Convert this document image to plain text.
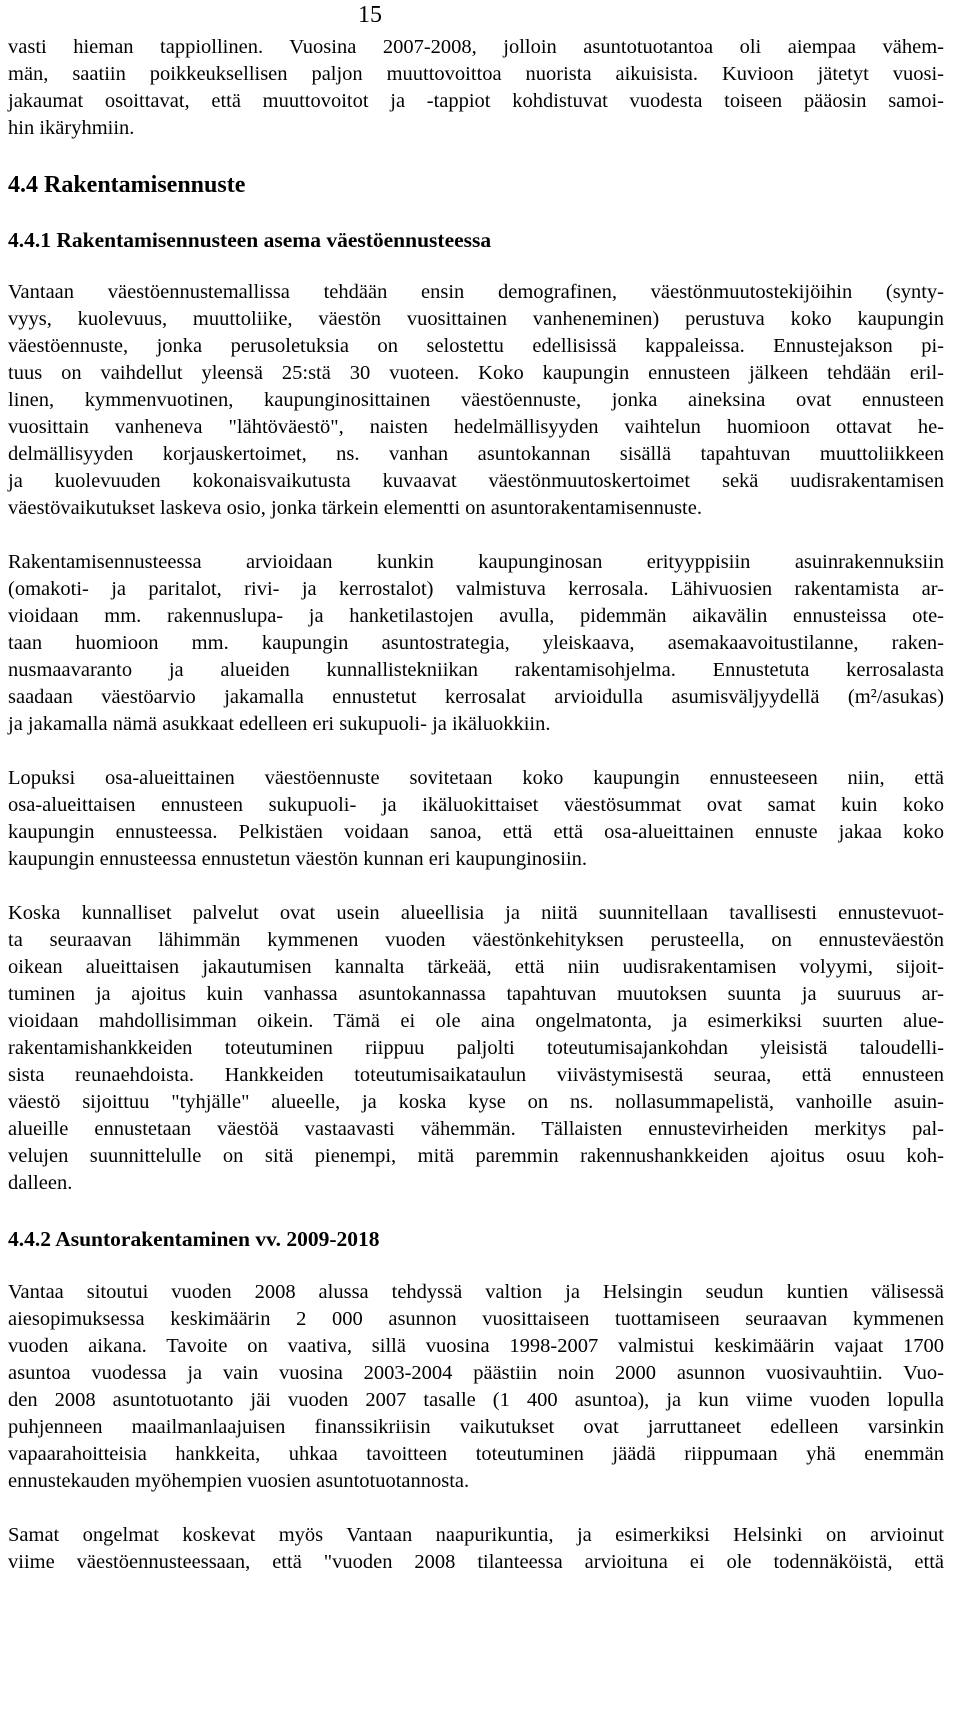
15
vasti hieman tappiollinen. Vuosina 2007-2008, jolloin asuntotuotantoa oli aiempaa vähem-
män, saatiin poikkeuksellisen paljon muuttovoittoa nuorista aikuisista. Kuvioon jätetyt vuosi-
jakaumat osoittavat, että muuttovoitot ja -tappiot kohdistuvat vuodesta toiseen pääosin samoi-
hin ikäryhmiin.
4.4 Rakentamisennuste
4.4.1 Rakentamisennusteen asema väestöennusteessa
Vantaan väestöennustemallissa tehdään ensin demografinen, väestönmuutostekijöihin (synty-
vyys, kuolevuus, muuttoliike, väestön vuosittainen vanheneminen) perustuva koko kaupungin
väestöennuste, jonka perusoletuksia on selostettu edellisissä kappaleissa. Ennustejakson pi-
tuus on vaihdellut yleensä 25:stä 30 vuoteen. Koko kaupungin ennusteen jälkeen tehdään eril-
linen, kymmenvuotinen, kaupunginosittainen väestöennuste, jonka aineksina ovat ennusteen
vuosittain vanheneva "lähtöväestö", naisten hedelmällisyyden vaihtelun huomioon ottavat he-
delmällisyyden korjauskertoimet, ns. vanhan asuntokannan sisällä tapahtuvan muuttoliikkeen
ja kuolevuuden kokonaisvaikutusta kuvaavat väestönmuutoskertoimet sekä uudisrakentamisen
väestövaikutukset laskeva osio, jonka tärkein elementti on asuntorakentamisennuste.
Rakentamisennusteessa arvioidaan kunkin kaupunginosan erityyppisiin asuinrakennuksiin
(omakoti- ja paritalot, rivi- ja kerrostalot) valmistuva kerrosala. Lähivuosien rakentamista ar-
vioidaan mm. rakennuslupa- ja hanketilastojen avulla, pidemmän aikavälin ennusteissa ote-
taan huomioon mm. kaupungin asuntostrategia, yleiskaava, asemakaavoitustilanne, raken-
nusmaavaranto ja alueiden kunnallistekniikan rakentamisohjelma. Ennustetuta kerrosalasta
saadaan väestöarvio jakamalla ennustetut kerrosalat arvioidulla asumisväljyydellä (m²/asukas)
ja jakamalla nämä asukkaat edelleen eri sukupuoli- ja ikäluokkiin.
Lopuksi osa-alueittainen väestöennuste sovitetaan koko kaupungin ennusteeseen niin, että
osa-alueittaisen ennusteen sukupuoli- ja ikäluokittaiset väestösummat ovat samat kuin koko
kaupungin ennusteessa. Pelkistäen voidaan sanoa, että että osa-alueittainen ennuste jakaa koko
kaupungin ennusteessa ennustetun väestön kunnan eri kaupunginosiin.
Koska kunnalliset palvelut ovat usein alueellisia ja niitä suunnitellaan tavallisesti ennustevuot-
ta seuraavan lähimmän kymmenen vuoden väestönkehityksen perusteella, on ennusteväestön
oikean alueittaisen jakautumisen kannalta tärkeää, että niin uudisrakentamisen volyymi, sijoit-
tuminen ja ajoitus kuin vanhassa asuntokannassa tapahtuvan muutoksen suunta ja suuruus ar-
vioidaan mahdollisimman oikein. Tämä ei ole aina ongelmatonta, ja esimerkiksi suurten alue-
rakentamishankkeiden toteutuminen riippuu paljolti toteutumisajankohdan yleisistä taloudelli-
sista reunaehdoista. Hankkeiden toteutumisaikataulun viivästymisestä seuraa, että ennusteen
väestö sijoittuu "tyhjälle" alueelle, ja koska kyse on ns. nollasummapelistä, vanhoille asuin-
alueille ennustetaan väestöä vastaavasti vähemmän. Tällaisten ennustevirheiden merkitys pal-
velujen suunnittelulle on sitä pienempi, mitä paremmin rakennushankkeiden ajoitus osuu koh-
dalleen.
4.4.2 Asuntorakentaminen vv. 2009-2018
Vantaa sitoutui vuoden 2008 alussa tehdyssä valtion ja Helsingin seudun kuntien välisessä
aiesopimuksessa keskimäärin 2 000 asunnon vuosittaiseen tuottamiseen seuraavan kymmenen
vuoden aikana. Tavoite on vaativa, sillä vuosina 1998-2007 valmistui keskimäärin vajaat 1700
asuntoa vuodessa ja vain vuosina 2003-2004 päästiin noin 2000 asunnon vuosivauhtiin. Vuo-
den 2008 asuntotuotanto jäi vuoden 2007 tasalle (1 400 asuntoa), ja kun viime vuoden lopulla
puhjenneen maailmanlaajuisen finanssikriisin vaikutukset ovat jarruttaneet edelleen varsinkin
vapaarahoitteisia hankkeita, uhkaa tavoitteen toteutuminen jäädä riippumaan yhä enemmän
ennustekauden myöhempien vuosien asuntotuotannosta.
Samat ongelmat koskevat myös Vantaan naapurikuntia, ja esimerkiksi Helsinki on arvioinut
viime väestöennusteessaan, että "vuoden 2008 tilanteessa arvioituna ei ole todennäköistä, että
